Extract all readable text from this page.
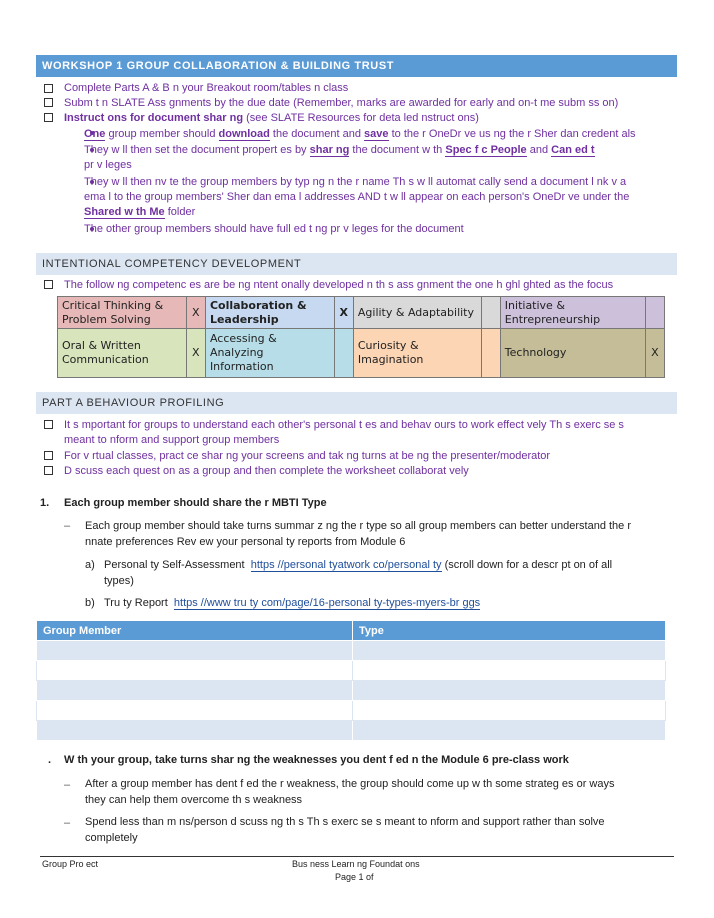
WORKSHOP 1 GROUP COLLABORATION & BUILDING TRUST
Complete Parts A & B n your Breakout room/tables n class
Subm t n SLATE Ass gnments by the due date (Remember, marks are awarded for early and on-t me subm ss on)
Instruct ons for document shar ng (see SLATE Resources for deta led nstruct ons)
One group member should download the document and save to the r OneDr ve us ng the r Sher dan credent als
They w ll then set the document propert es by shar ng the document w th Spec f c People and Can ed t
pr v leges
They w ll then nv te the group members by typ ng n the r name Th s w ll automat cally send a document l nk v a
ema l to the group members' Sher dan ema l addresses AND t w ll appear on each person's OneDr ve under the
Shared w th Me folder
The other group members should have full ed t ng pr v leges for the document
INTENTIONAL COMPETENCY DEVELOPMENT
The follow ng competenc es are be ng ntent onally developed n th s ass gnment the one h ghl ghted as the focus
Critical Thinking & Problem Solving	X	Collaboration & Leadership	X	Agility & Adaptability		Initiative & Entrepreneurship	
Oral & Written Communication	X	Accessing & Analyzing Information		Curiosity & Imagination		Technology	X
PART A BEHAVIOUR PROFILING
It s mportant for groups to understand each other's personal t es and behav ours to work effect vely Th s exerc se s
meant to nform and support group members
For v rtual classes, pract ce shar ng your screens and tak ng turns at be ng the presenter/moderator
D scuss each quest on as a group and then complete the worksheet collaborat vely
1. Each group member should share the r MBTI Type
– Each group member should take turns summar z ng the r type so all group members can better understand the r
nnate preferences Rev ew your personal ty reports from Module 6
a) Personal ty Self-Assessment https //personal tyatwork co/personal ty (scroll down for a descr pt on of all
types)
b) Tru ty Report https //www tru ty com/page/16-personal ty-types-myers-br ggs
Group Member	Type

. W th your group, take turns shar ng the weaknesses you dent f ed n the Module 6 pre-class work
– After a group member has dent f ed the r weakness, the group should come up w th some strateg es or ways
they can help them overcome th s weakness
– Spend less than m ns/person d scuss ng th s Th s exerc se s meant to nform and support rather than solve
completely
Group Pro ect	Bus ness Learn ng Foundat ons
Page 1 of
